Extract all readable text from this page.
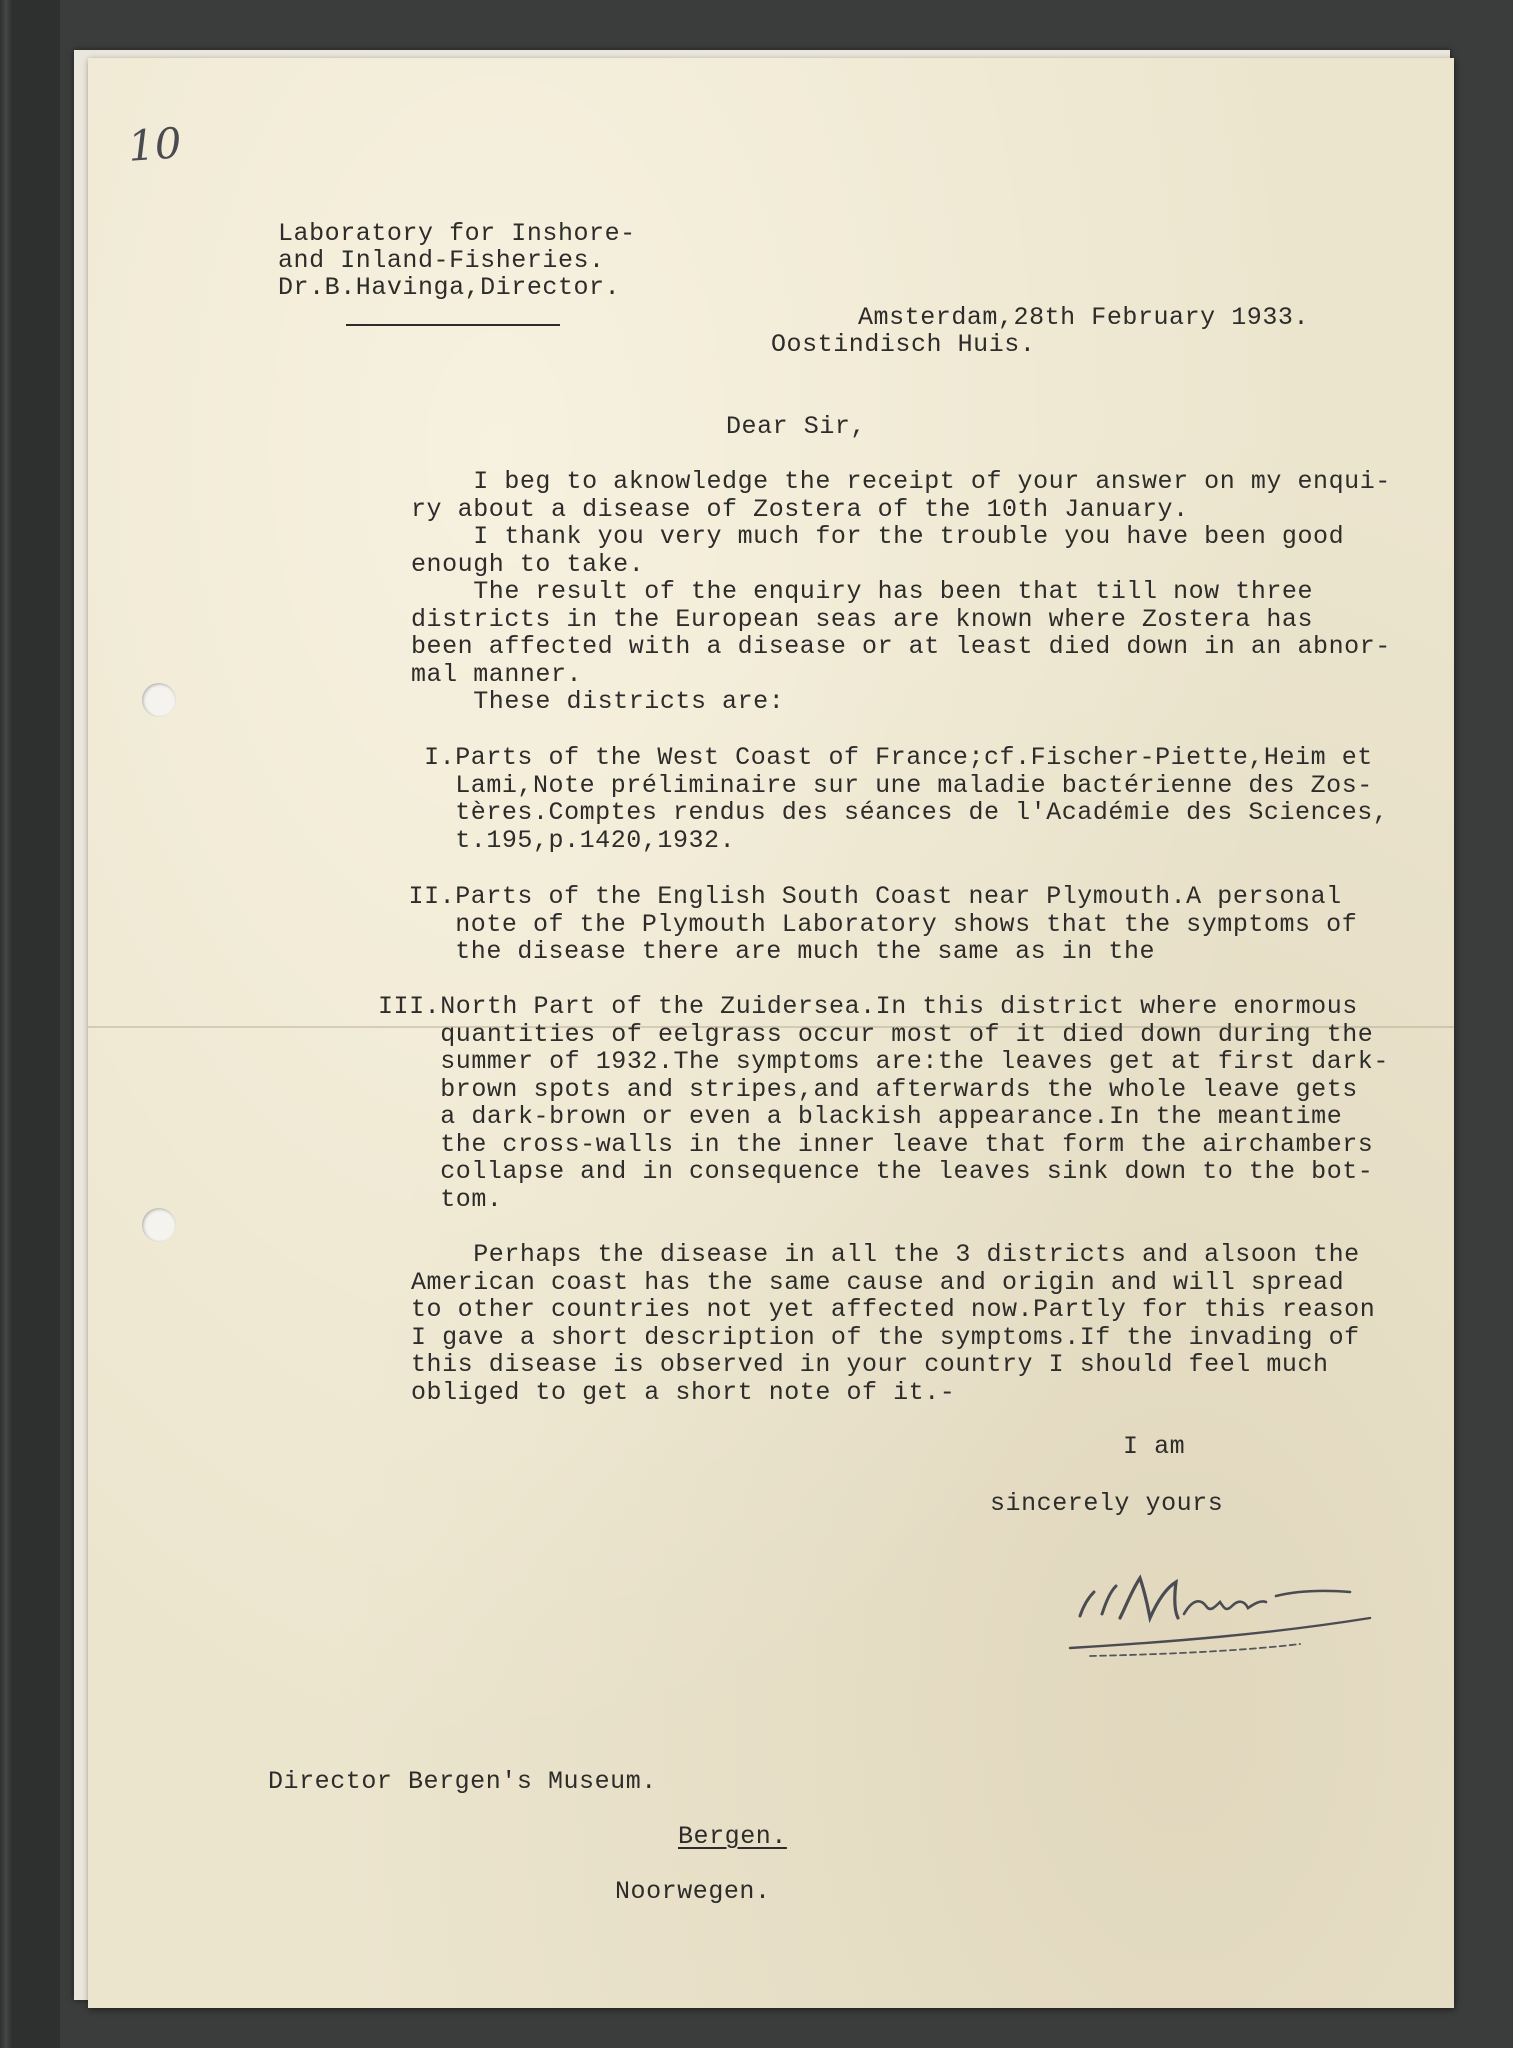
10
Laboratory for Inshore-
and Inland-Fisheries.
Dr.B.Havinga,Director.
Amsterdam,28th February 1933.
Oostindisch Huis.
Dear Sir,
I beg to aknowledge the receipt of your answer on my enqui-
ry about a disease of Zostera of the 10th January.
I thank you very much for the trouble you have been good
enough to take.
The result of the enquiry has been that till now three
districts in the European seas are known where Zostera has
been affected with a disease or at least died down in an abnor-
mal manner.
These districts are:
I.Parts of the West Coast of France;cf.Fischer-Piette,Heim et
Lami,Note préliminaire sur une maladie bactérienne des Zos-
tères.Comptes rendus des séances de l'Académie des Sciences,
t.195,p.1420,1932.
II.Parts of the English South Coast near Plymouth.A personal
note of the Plymouth Laboratory shows that the symptoms of
the disease there are much the same as in the
III.North Part of the Zuidersea.In this district where enormous
quantities of eelgrass occur most of it died down during the
summer of 1932.The symptoms are:the leaves get at first dark-
brown spots and stripes,and afterwards the whole leave gets
a dark-brown or even a blackish appearance.In the meantime
the cross-walls in the inner leave that form the airchambers
collapse and in consequence the leaves sink down to the bot-
tom.
Perhaps the disease in all the 3 districts and alsoon the
American coast has the same cause and origin and will spread
to other countries not yet affected now.Partly for this reason
I gave a short description of the symptoms.If the invading of
this disease is observed in your country I should feel much
obliged to get a short note of it.-
I am
sincerely yours
Director Bergen's Museum.
Bergen.
Noorwegen.
